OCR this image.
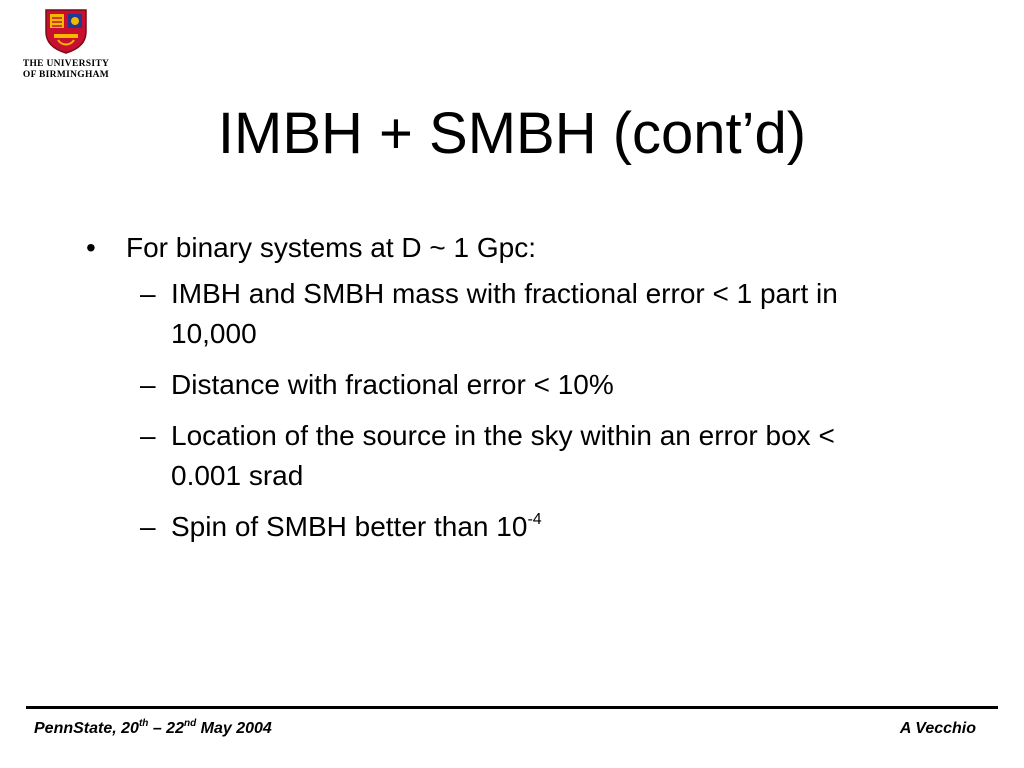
THE UNIVERSITY
OF BIRMINGHAM
IMBH + SMBH (cont’d)
• For binary systems at D ~ 1 Gpc:
– IMBH and SMBH mass with fractional error < 1 part in 10,000
– Distance with fractional error < 10%
– Location of the source in the sky within an error box < 0.001 srad
– Spin of SMBH better than $10^{-4}$
PennState, 20th – 22nd May 2004	A Vecchio
